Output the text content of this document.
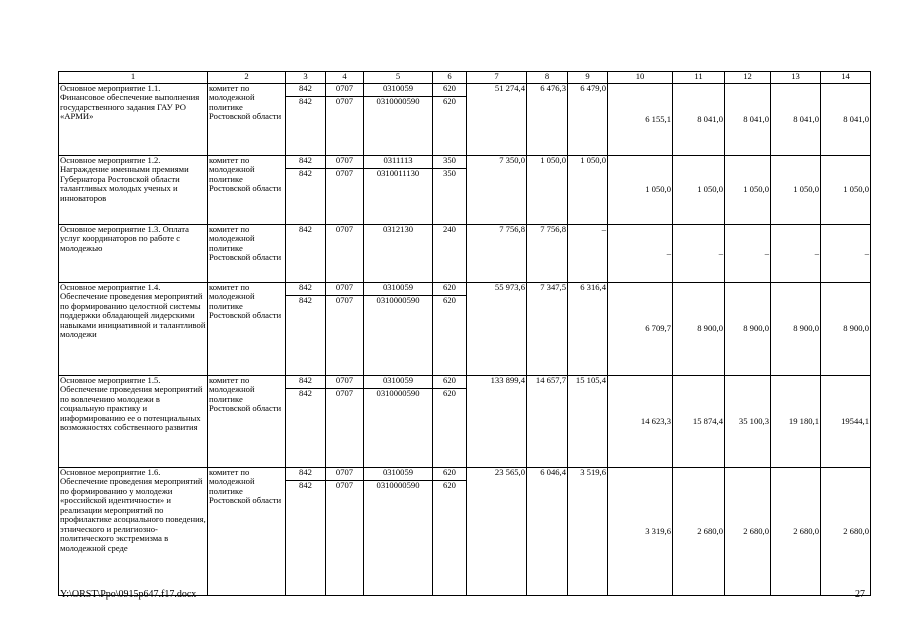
1	2	3	4	5	6	7	8	9	10	11	12	13	14
Основное мероприятие 1.1. Финансовое обеспечение выполнения государственного задания ГАУ РО «АРМИ»	комитет по молодежной политике Ростовской области	842	0707	0310059	620	51 274,4	6 476,3	6 479,0	6 155,1	8 041,0	8 041,0	8 041,0	8 041,0
		842	0707	0310000590	620								
Основное мероприятие 1.2. Награждение именными премиями Губернатора Ростовской области талантливых молодых ученых и инноваторов	комитет по молодежной политике Ростовской области	842	0707	0311113	350	7 350,0	1 050,0	1 050,0	1 050,0	1 050,0	1 050,0	1 050,0	1 050,0
		842	0707	0310011130	350								
Основное мероприятие 1.3. Оплата услуг координаторов по работе с молодежью	комитет по молодежной политике Ростовской области	842	0707	0312130	240	7 756,8	7 756,8	–	–	–	–	–	–
Основное мероприятие 1.4. Обеспечение проведения мероприятий по формированию целостной системы поддержки обладающей лидерскими навыками инициативной и талантливой молодежи	комитет по молодежной политике Ростовской области	842	0707	0310059	620	55 973,6	7 347,5	6 316,4	6 709,7	8 900,0	8 900,0	8 900,0	8 900,0
		842	0707	0310000590	620								
Основное мероприятие 1.5. Обеспечение проведения мероприятий по вовлечению молодежи в социальную практику и информированию ее о потенциальных возможностях собственного развития	комитет по молодежной политике Ростовской области	842	0707	0310059	620	133 899,4	14 657,7	15 105,4	14 623,3	15 874,4	35 100,3	19 180,1	19544,1
		842	0707	0310000590	620								
Основное мероприятие 1.6. Обеспечение проведения мероприятий по формированию у молодежи «российской идентичности» и реализации мероприятий по профилактике асоциального поведения, этнического и религиозно-политического экстремизма в молодежной среде	комитет по молодежной политике Ростовской области	842	0707	0310059	620	23 565,0	6 046,4	3 519,6	3 319,6	2 680,0	2 680,0	2 680,0	2 680,0
		842	0707	0310000590	620								
Y:\ORST\Ppo\0915p647.f17.docx	27
